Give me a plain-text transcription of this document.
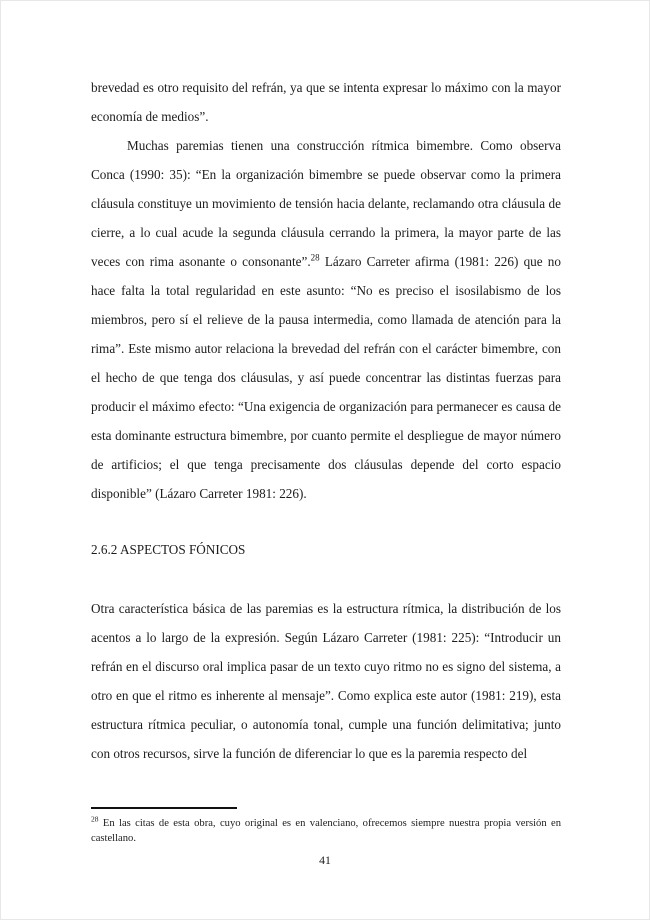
brevedad es otro requisito del refrán, ya que se intenta expresar lo máximo con la mayor economía de medios”.

Muchas paremias tienen una construcción rítmica bimembre. Como observa Conca (1990: 35): “En la organización bimembre se puede observar como la primera cláusula constituye un movimiento de tensión hacia delante, reclamando otra cláusula de cierre, a lo cual acude la segunda cláusula cerrando la primera, la mayor parte de las veces con rima asonante o consonante”.$^{28}$ Lázaro Carreter afirma (1981: 226) que no hace falta la total regularidad en este asunto: “No es preciso el isosilabismo de los miembros, pero sí el relieve de la pausa intermedia, como llamada de atención para la rima”. Este mismo autor relaciona la brevedad del refrán con el carácter bimembre, con el hecho de que tenga dos cláusulas, y así puede concentrar las distintas fuerzas para producir el máximo efecto: “Una exigencia de organización para permanecer es causa de esta dominante estructura bimembre, por cuanto permite el despliegue de mayor número de artificios; el que tenga precisamente dos cláusulas depende del corto espacio disponible” (Lázaro Carreter 1981: 226).

2.6.2 ASPECTOS FÓNICOS

Otra característica básica de las paremias es la estructura rítmica, la distribución de los acentos a lo largo de la expresión. Según Lázaro Carreter (1981: 225): “Introducir un refrán en el discurso oral implica pasar de un texto cuyo ritmo no es signo del sistema, a otro en que el ritmo es inherente al mensaje”. Como explica este autor (1981: 219), esta estructura rítmica peculiar, o autonomía tonal, cumple una función delimitativa; junto con otros recursos, sirve la función de diferenciar lo que es la paremia respecto del

$^{28}$ En las citas de esta obra, cuyo original es en valenciano, ofrecemos siempre nuestra propia versión en castellano.

41
